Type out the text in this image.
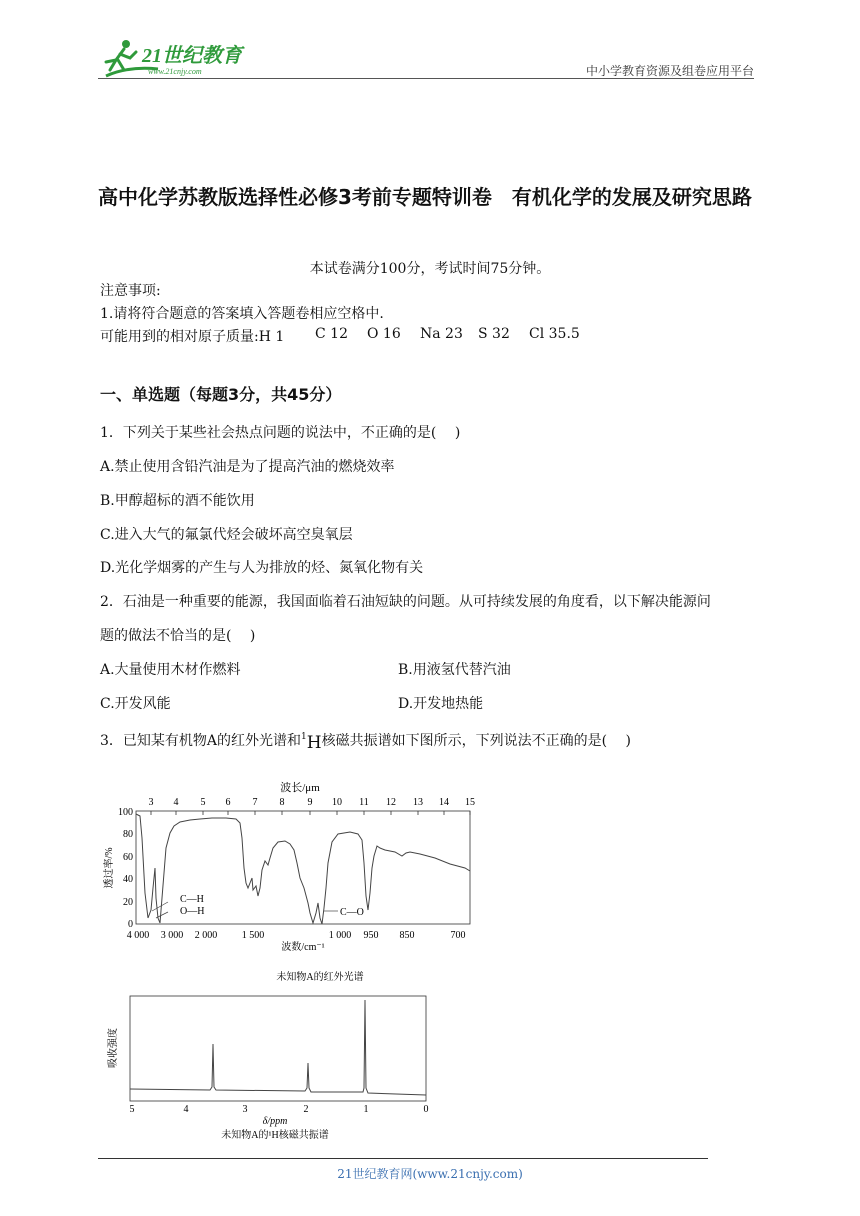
21世纪教育
www.21cnjy.com	中小学教育资源及组卷应用平台
高中化学苏教版选择性必修3考前专题特训卷　有机化学的发展及研究思路
本试卷满分100分，考试时间75分钟。
注意事项:
1.请将符合题意的答案填入答题卷相应空格中.
可能用到的相对原子质量:H 1 C 12 O 16 Na 23 S 32 Cl 35.5
一、单选题（每题3分，共45分）
1．下列关于某些社会热点问题的说法中，不正确的是(　 )
A.禁止使用含铅汽油是为了提高汽油的燃烧效率
B.甲醇超标的酒不能饮用
C.进入大气的氟氯代烃会破坏高空臭氧层
D.光化学烟雾的产生与人为排放的烃、氮氧化物有关
2．石油是一种重要的能源，我国面临着石油短缺的问题。从可持续发展的角度看，以下解决能源问
题的做法不恰当的是(　 )
A.大量使用木材作燃料	B.用液氢代替汽油
C.开发风能	D.开发地热能
3．已知某有机物A的红外光谱和$^1$H核磁共振谱如下图所示，下列说法不正确的是(　 )
波长/μm
3 4 5 6 7 8 9 10 11 12 13 14 15
100
80
60
40
20
0
透过率/%
4 000 3 000 2 000 1 500	1 000 950 850	700
波数/cm⁻¹
C—H
O—H	C—O
未知物A的红外光谱
吸收强度
5	4	3	2	1	0
δ/ppm
未知物A的¹H核磁共振谱
21世纪教育网(www.21cnjy.com)
